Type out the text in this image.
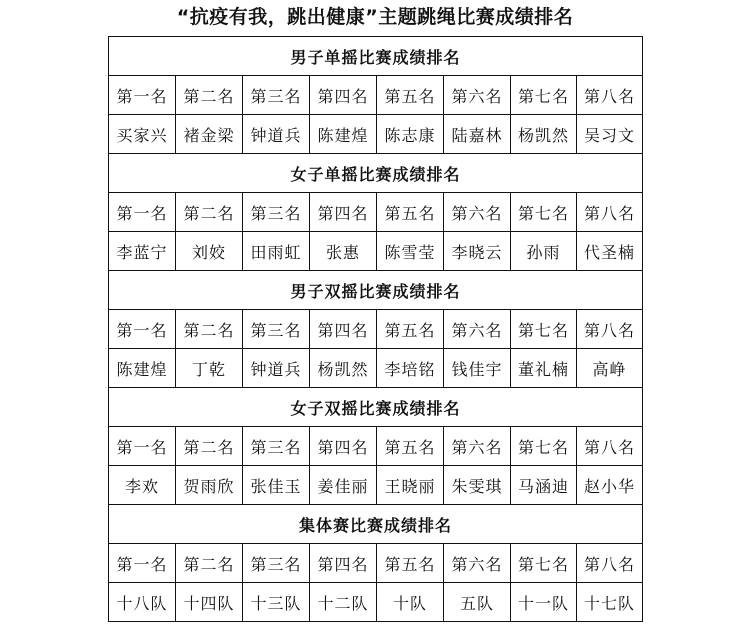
“抗疫有我，跳出健康”主题跳绳比赛成绩排名
男子单摇比赛成绩排名							
第一名	第二名	第三名	第四名	第五名	第六名	第七名	第八名
买家兴	褚金梁	钟道兵	陈建煌	陈志康	陆嘉林	杨凯然	吴习文
女子单摇比赛成绩排名							
第一名	第二名	第三名	第四名	第五名	第六名	第七名	第八名
李蓝宁	刘姣	田雨虹	张惠	陈雪莹	李晓云	孙雨	代圣楠
男子双摇比赛成绩排名							
第一名	第二名	第三名	第四名	第五名	第六名	第七名	第八名
陈建煌	丁乾	钟道兵	杨凯然	李培铭	钱佳宇	董礼楠	高峥
女子双摇比赛成绩排名							
第一名	第二名	第三名	第四名	第五名	第六名	第七名	第八名
李欢	贺雨欣	张佳玉	姜佳丽	王晓丽	朱雯琪	马涵迪	赵小华
集体赛比赛成绩排名							
第一名	第二名	第三名	第四名	第五名	第六名	第七名	第八名
十八队	十四队	十三队	十二队	十队	五队	十一队	十七队
